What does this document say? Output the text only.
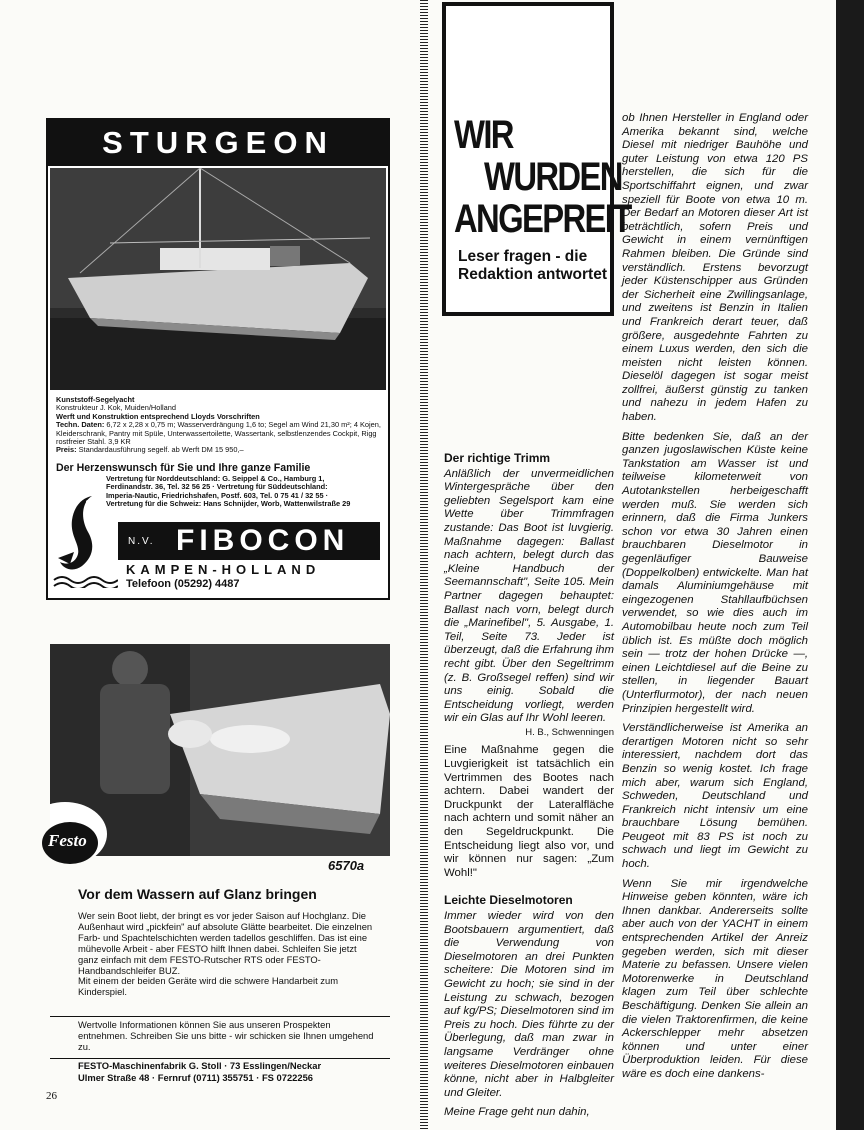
STURGEON
Kunststoff-Segelyacht
Konstrukteur J. Kok, Muiden/Holland
Werft und Konstruktion entsprechend Lloyds Vorschriften
Techn. Daten: 6,72 x 2,28 x 0,75 m; Wasserverdrängung 1,6 to; Segel am Wind 21,30 m²; 4 Kojen, Kleiderschrank, Pantry mit Spüle, Unterwassertoilette, Wassertank, selbstlenzendes Cockpit, Rigg rostfreier Stahl. 3,9 KR
Preis: Standardausführung segelf. ab Werft DM 15 950,–
Der Herzenswunsch für Sie und Ihre ganze Familie
Vertretung für Norddeutschland: G. Seippel & Co., Hamburg 1,
Ferdinandstr. 36, Tel. 32 56 25 · Vertretung für Süddeutschland:
Imperia-Nautic, Friedrichshafen, Postf. 603, Tel. 0 75 41 / 32 55 ·
Vertretung für die Schweiz: Hans Schnijder, Worb, Wattenwilstraße 29
N.V. FIBOCON
KAMPEN-HOLLAND
Telefoon (05292) 4487
Festo
6570a
Vor dem Wassern auf Glanz bringen
Wer sein Boot liebt, der bringt es vor jeder Saison auf Hochglanz. Die Außenhaut wird „pickfein" auf absolute Glätte bearbeitet. Die einzelnen Farb- und Spachtelschichten werden tadellos geschliffen. Das ist eine mühevolle Arbeit - aber FESTO hilft Ihnen dabei. Schleifen Sie jetzt ganz einfach mit dem FESTO-Rutscher RTS oder FESTO-Handbandschleifer BUZ.
Mit einem der beiden Geräte wird die schwere Handarbeit zum Kinderspiel.
Wertvolle Informationen können Sie aus unseren Prospekten entnehmen. Schreiben Sie uns bitte - wir schicken sie Ihnen umgehend zu.
FESTO-Maschinenfabrik G. Stoll · 73 Esslingen/Neckar
Ulmer Straße 48 · Fernruf (0711) 355751 · FS 0722256
26
WIR
WURDEN
ANGEPREIT
Leser fragen - die Redaktion antwortet
Der richtige Trimm

Anläßlich der unvermeidlichen Wintergespräche über den geliebten Segelsport kam eine Wette über Trimmfragen zustande: Das Boot ist luvgierig. Maßnahme dagegen: Ballast nach achtern, belegt durch das „Kleine Handbuch der Seemannschaft", Seite 105. Mein Partner dagegen behauptet: Ballast nach vorn, belegt durch die „Marinefibel", 5. Ausgabe, 1. Teil, Seite 73. Jeder ist überzeugt, daß die Erfahrung ihm recht gibt. Über den Segeltrimm (z. B. Großsegel reffen) sind wir uns einig. Sobald die Entscheidung vorliegt, werden wir ein Glas auf Ihr Wohl leeren.

H. B., Schwenningen

Eine Maßnahme gegen die Luvgierigkeit ist tatsächlich ein Vertrimmen des Bootes nach achtern. Dabei wandert der Druckpunkt der Lateralfläche nach achtern und somit näher an den Segeldruckpunkt. Die Entscheidung liegt also vor, und wir können nur sagen: „Zum Wohl!"

Leichte Dieselmotoren

Immer wieder wird von den Bootsbauern argumentiert, daß die Verwendung von Dieselmotoren an drei Punkten scheitere: Die Motoren sind im Gewicht zu hoch; sie sind in der Leistung zu schwach, bezogen auf kg/PS; Dieselmotoren sind im Preis zu hoch. Dies führte zu der Überlegung, daß man zwar in langsame Verdränger ohne weiteres Dieselmotoren einbauen könne, nicht aber in Halbgleiter und Gleiter.

Meine Frage geht nun dahin,

ob Ihnen Hersteller in England oder Amerika bekannt sind, welche Diesel mit niedriger Bauhöhe und guter Leistung von etwa 120 PS herstellen, die sich für die Sportschiffahrt eignen, und zwar speziell für Boote von etwa 10 m. Der Bedarf an Motoren dieser Art ist beträchtlich, sofern Preis und Gewicht in einem vernünftigen Rahmen bleiben. Die Gründe sind verständlich. Erstens bevorzugt jeder Küstenschipper aus Gründen der Sicherheit eine Zwillingsanlage, und zweitens ist Benzin in Italien und Frankreich derart teuer, daß größere, ausgedehnte Fahrten zu einem Luxus werden, den sich die meisten nicht leisten können. Dieselöl dagegen ist sogar meist zollfrei, äußerst günstig zu tanken und nahezu in jedem Hafen zu haben.

Bitte bedenken Sie, daß an der ganzen jugoslawischen Küste keine Tankstation am Wasser ist und teilweise kilometerweit von Autotankstellen herbeigeschafft werden muß. Sie werden sich erinnern, daß die Firma Junkers schon vor etwa 30 Jahren einen brauchbaren Dieselmotor in gegenläufiger Bauweise (Doppelkolben) entwickelte. Man hat damals Aluminiumgehäuse mit eingezogenen Stahllaufbüchsen verwendet, so wie dies auch im Automobilbau heute noch zum Teil üblich ist. Es müßte doch möglich sein — trotz der hohen Drücke —, einen Leichtdiesel auf die Beine zu stellen, in liegender Bauart (Unterflurmotor), der nach neuen Prinzipien hergestellt wird.

Verständlicherweise ist Amerika an derartigen Motoren nicht so sehr interessiert, nachdem dort das Benzin so wenig kostet. Ich frage mich aber, warum sich England, Schweden, Deutschland und Frankreich nicht intensiv um eine brauchbare Lösung bemühen. Peugeot mit 83 PS ist noch zu schwach und liegt im Gewicht zu hoch.

Wenn Sie mir irgendwelche Hinweise geben könnten, wäre ich Ihnen dankbar. Andererseits sollte aber auch von der YACHT in einem entsprechenden Artikel der Anreiz gegeben werden, sich mit dieser Materie zu befassen. Unsere vielen Motorenwerke in Deutschland klagen zum Teil über schlechte Beschäftigung. Denken Sie allein an die vielen Traktorenfirmen, die keine Ackerschlepper mehr absetzen können und unter einer Überproduktion leiden. Für diese wäre es doch eine dankens-
